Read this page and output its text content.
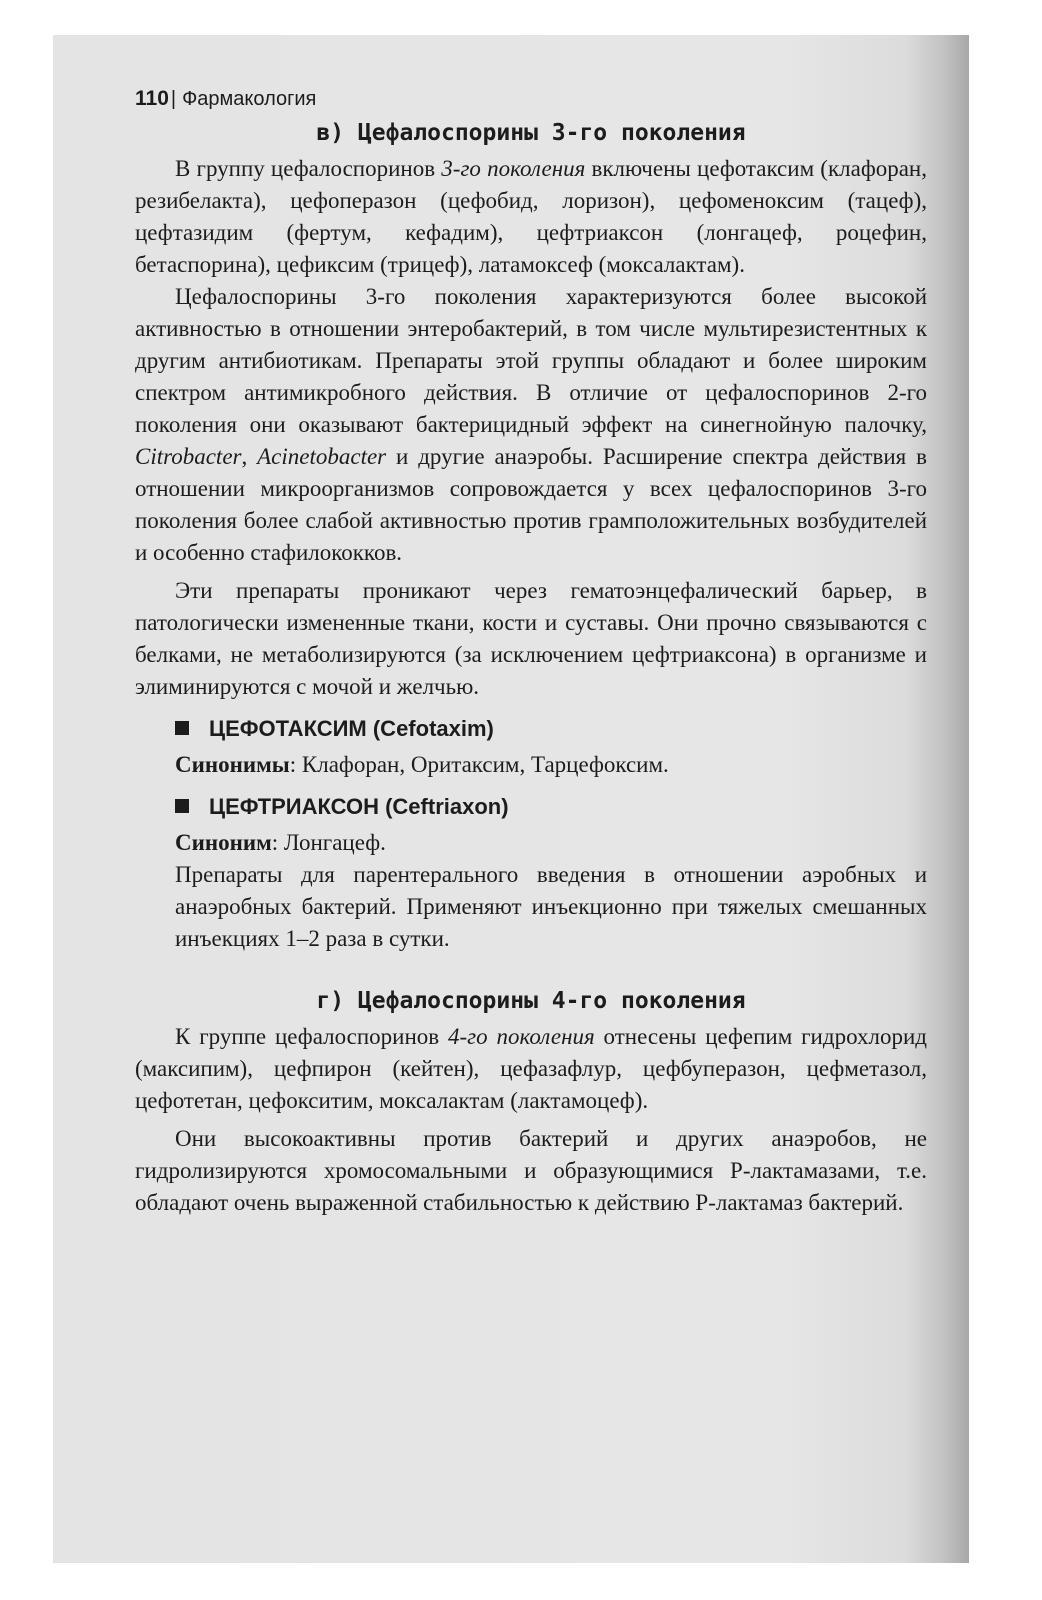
110 | Фармакология
в) Цефалоспорины 3-го поколения

В группу цефалоспоринов 3-го поколения включены цефотаксим (клафоран, резибелакта), цефоперазон (цефобид, лоризон), цефоменоксим (тацеф), цефтазидим (фертум, кефадим), цефтриаксон (лонгацеф, роцефин, бетаспорина), цефиксим (трицеф), латамоксеф (моксалактам).

Цефалоспорины 3-го поколения характеризуются более высокой активностью в отношении энтеробактерий, в том числе мультирезистентных к другим антибиотикам. Препараты этой группы обладают и более широким спектром антимикробного действия. В отличие от цефалоспоринов 2-го поколения они оказывают бактерицидный эффект на синегнойную палочку, Citrobacter, Acinetobacter и другие анаэробы. Расширение спектра действия в отношении микроорганизмов сопровождается у всех цефалоспоринов 3-го поколения более слабой активностью против грамположительных возбудителей и особенно стафилококков.

Эти препараты проникают через гематоэнцефалический барьер, в патологически измененные ткани, кости и суставы. Они прочно связываются с белками, не метаболизируются (за исключением цефтриаксона) в организме и элиминируются с мочой и желчью.

ЦЕФОТАКСИМ (Cefotaxim)
Синонимы: Клафоран, Оритаксим, Тарцефоксим.
ЦЕФТРИАКСОН (Ceftriaxon)
Синоним: Лонгацеф.

Препараты для парентерального введения в отношении аэробных и анаэробных бактерий. Применяют инъекционно при тяжелых смешанных инъекциях 1–2 раза в сутки.

г) Цефалоспорины 4-го поколения

К группе цефалоспоринов 4-го поколения отнесены цефепим гидрохлорид (максипим), цефпирон (кейтен), цефазафлур, цефбуперазон, цефметазол, цефотетан, цефокситим, моксалактам (лактамоцеф).

Они высокоактивны против бактерий и других анаэробов, не гидролизируются хромосомальными и образующимися Р-лактамазами, т.е. обладают очень выраженной стабильностью к действию Р-лактамаз бактерий.
